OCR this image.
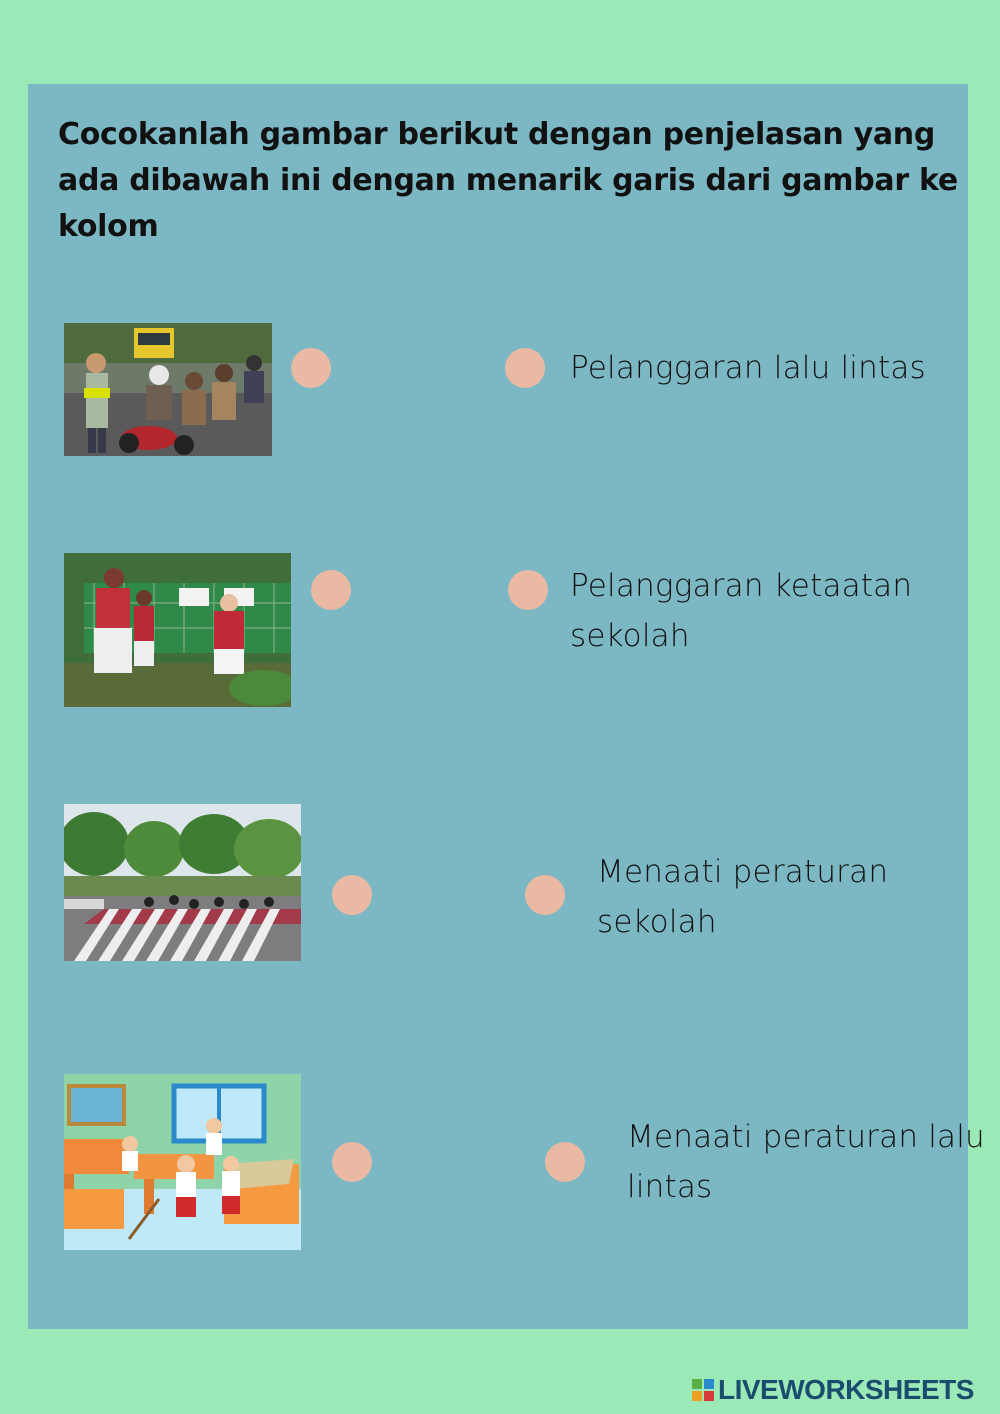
Cocokanlah gambar berikut dengan penjelasan yang ada dibawah ini dengan menarik garis dari gambar ke kolom

Pelanggaran lalu lintas

Pelanggaran ketaatan sekolah

Menaati peraturan sekolah

Menaati peraturan lalu lintas

LIVEWORKSHEETS
